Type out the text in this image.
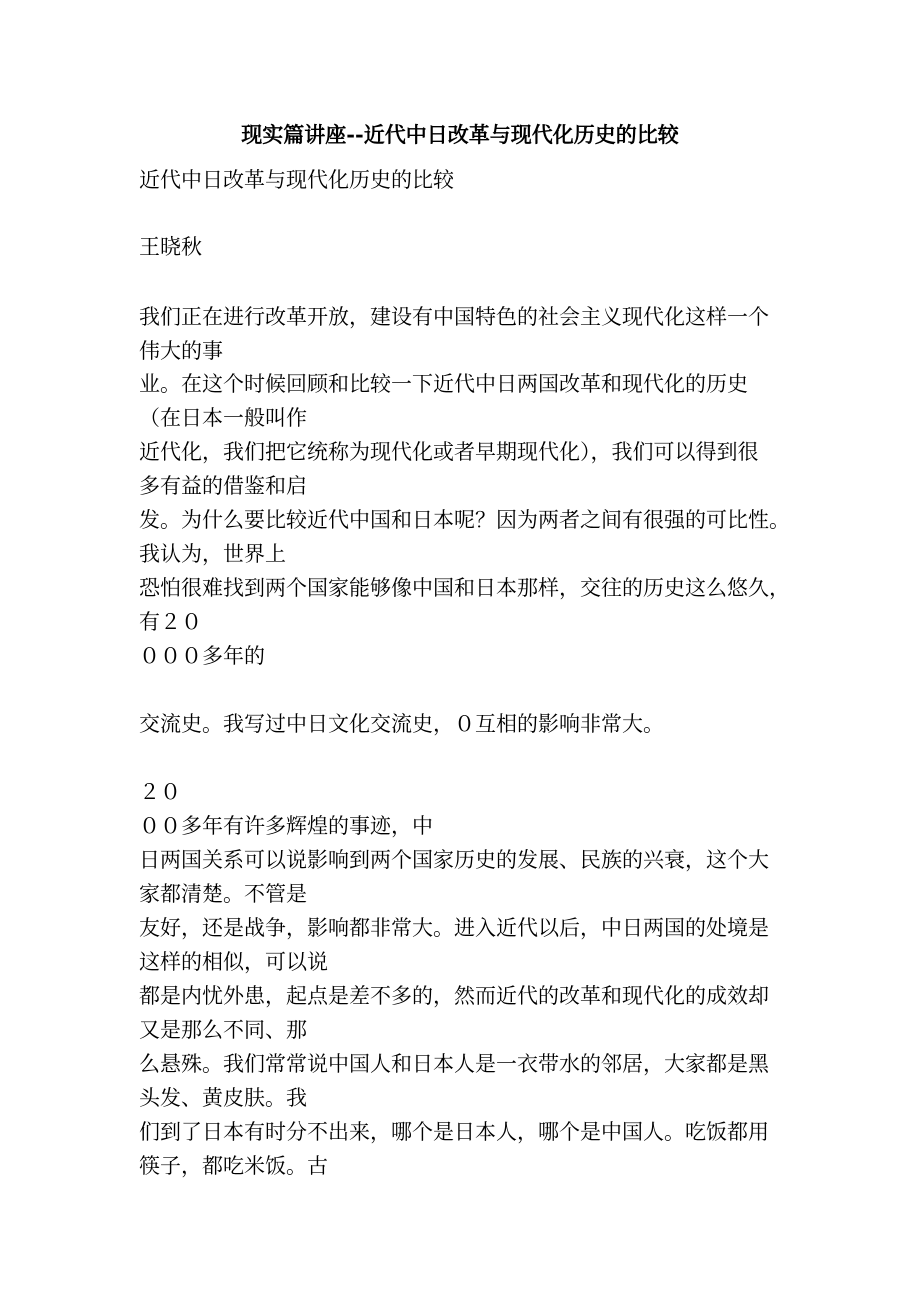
现实篇讲座--近代中日改革与现代化历史的比较
近代中日改革与现代化历史的比较
王晓秋
我们正在进行改革开放，建设有中国特色的社会主义现代化这样一个
伟大的事
业。在这个时候回顾和比较一下近代中日两国改革和现代化的历史
（在日本一般叫作
近代化，我们把它统称为现代化或者早期现代化），我们可以得到很
多有益的借鉴和启
发。为什么要比较近代中国和日本呢？因为两者之间有很强的可比性。
我认为，世界上
恐怕很难找到两个国家能够像中国和日本那样，交往的历史这么悠久，
有２０
０００多年的
交流史。我写过中日文化交流史，０互相的影响非常大。
２０
００多年有许多辉煌的事迹，中
日两国关系可以说影响到两个国家历史的发展、民族的兴衰，这个大
家都清楚。不管是
友好，还是战争，影响都非常大。进入近代以后，中日两国的处境是
这样的相似，可以说
都是内忧外患，起点是差不多的，然而近代的改革和现代化的成效却
又是那么不同、那
么悬殊。我们常常说中国人和日本人是一衣带水的邻居，大家都是黑
头发、黄皮肤。我
们到了日本有时分不出来，哪个是日本人，哪个是中国人。吃饭都用
筷子，都吃米饭。古
